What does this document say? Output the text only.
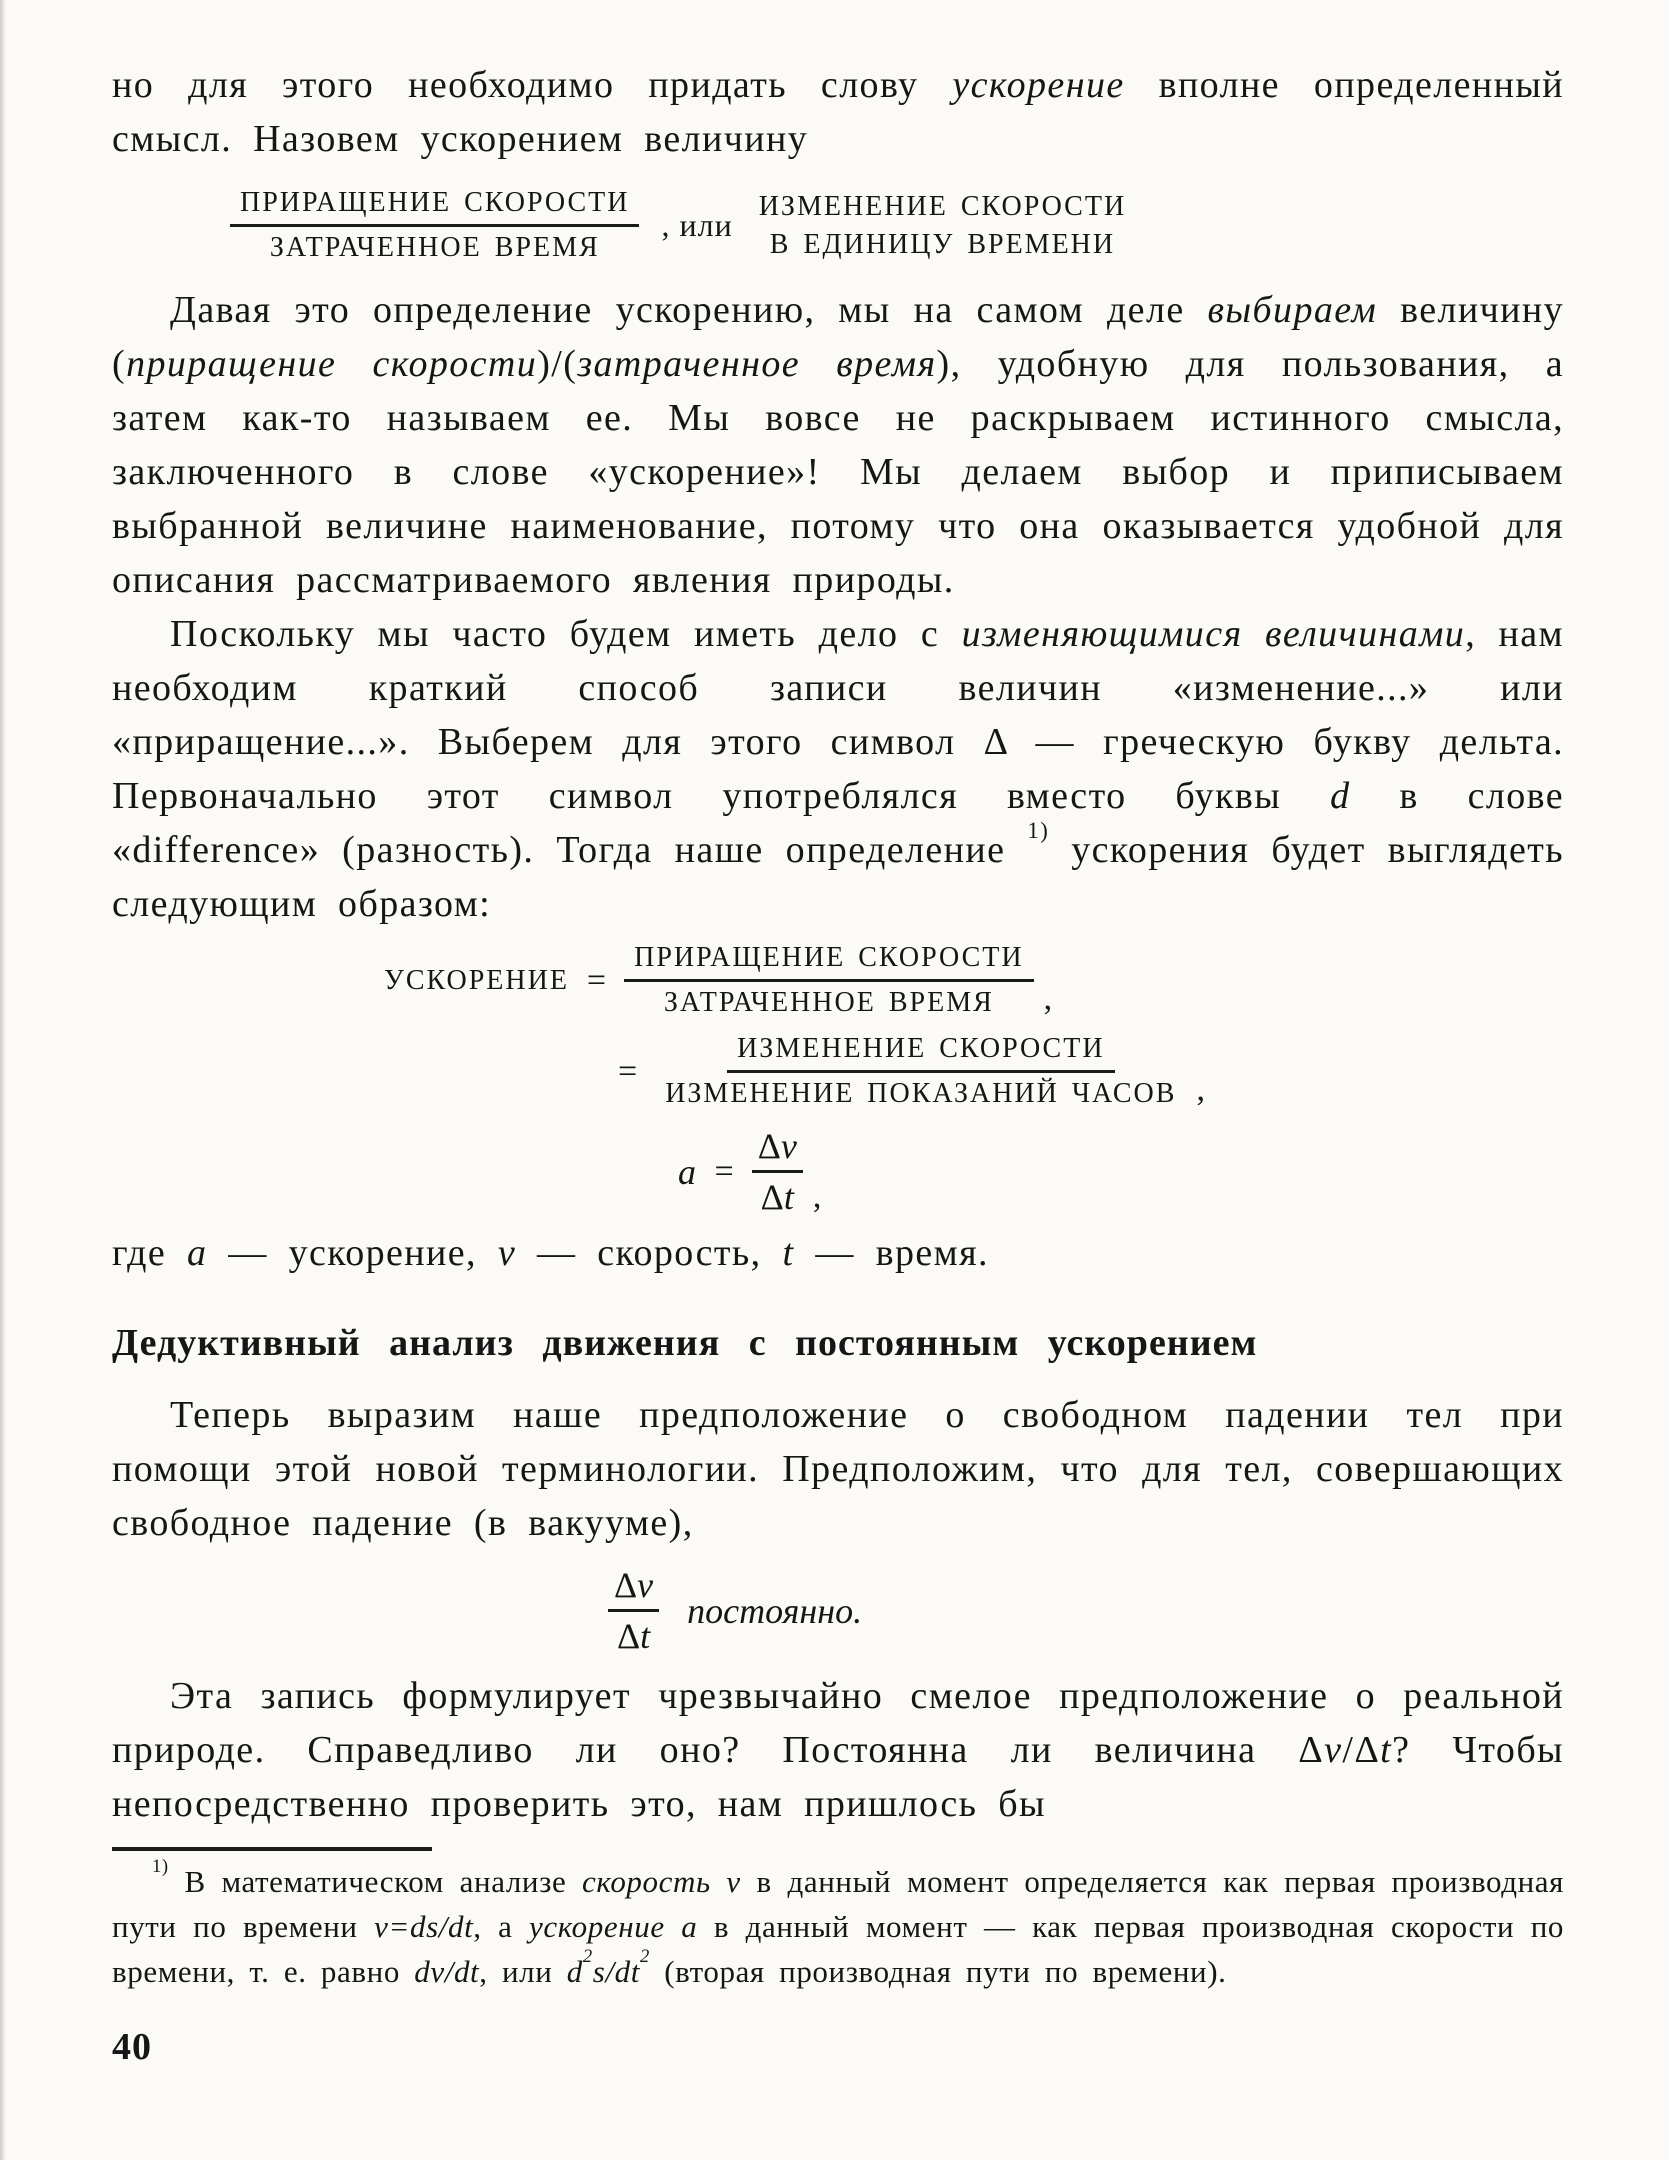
но для этого необходимо придать слову ускорение вполне определенный смысл. Назовем ускорением величину

$\frac{\text{ПРИРАЩЕНИЕ СКОРОСТИ}}{\text{ЗАТРАЧЕННОЕ ВРЕМЯ}}$ , или
ИЗМЕНЕНИЕ СКОРОСТИ
В ЕДИНИЦУ ВРЕМЕНИ

Давая это определение ускорению, мы на самом деле выбираем величину (приращение скорости)/(затраченное время), удобную для пользования, а затем как-то называем ее. Мы вовсе не раскрываем истинного смысла, заключенного в слове «ускорение»! Мы делаем выбор и приписываем выбранной величине наименование, потому что она оказывается удобной для описания рассматриваемого явления природы.

Поскольку мы часто будем иметь дело с изменяющимися величинами, нам необходим краткий способ записи величин «изменение...» или «приращение...». Выберем для этого символ Δ — греческую букву дельта. Первоначально этот символ употреблялся вместо буквы d в слове «difference» (разность). Тогда наше определение $^{1)}$ ускорения будет выглядеть следующим образом:

УСКОРЕНИЕ = $\frac{\text{ПРИРАЩЕНИЕ СКОРОСТИ}}{\text{ЗАТРАЧЕННОЕ ВРЕМЯ}}$ ,
= $\frac{\text{ИЗМЕНЕНИЕ СКОРОСТИ}}{\text{ИЗМЕНЕНИЕ ПОКАЗАНИЙ ЧАСОВ}}$ ,
$a = \frac{\Delta v}{\Delta t}$ ,

где a — ускорение, v — скорость, t — время.

Дедуктивный анализ движения с постоянным ускорением

Теперь выразим наше предположение о свободном падении тел при помощи этой новой терминологии. Предположим, что для тел, совершающих свободное падение (в вакууме),

$\frac{\Delta v}{\Delta t}$ постоянно.

Эта запись формулирует чрезвычайно смелое предположение о реальной природе. Справедливо ли оно? Постоянна ли величина Δv/Δt? Чтобы непосредственно проверить это, нам пришлось бы

$^{1)}$ В математическом анализе скорость v в данный момент определяется как первая производная пути по времени v=ds/dt, а ускорение a в данный момент — как первая производная скорости по времени, т. е. равно dv/dt, или $d^2s/dt^2$ (вторая производная пути по времени).

40
